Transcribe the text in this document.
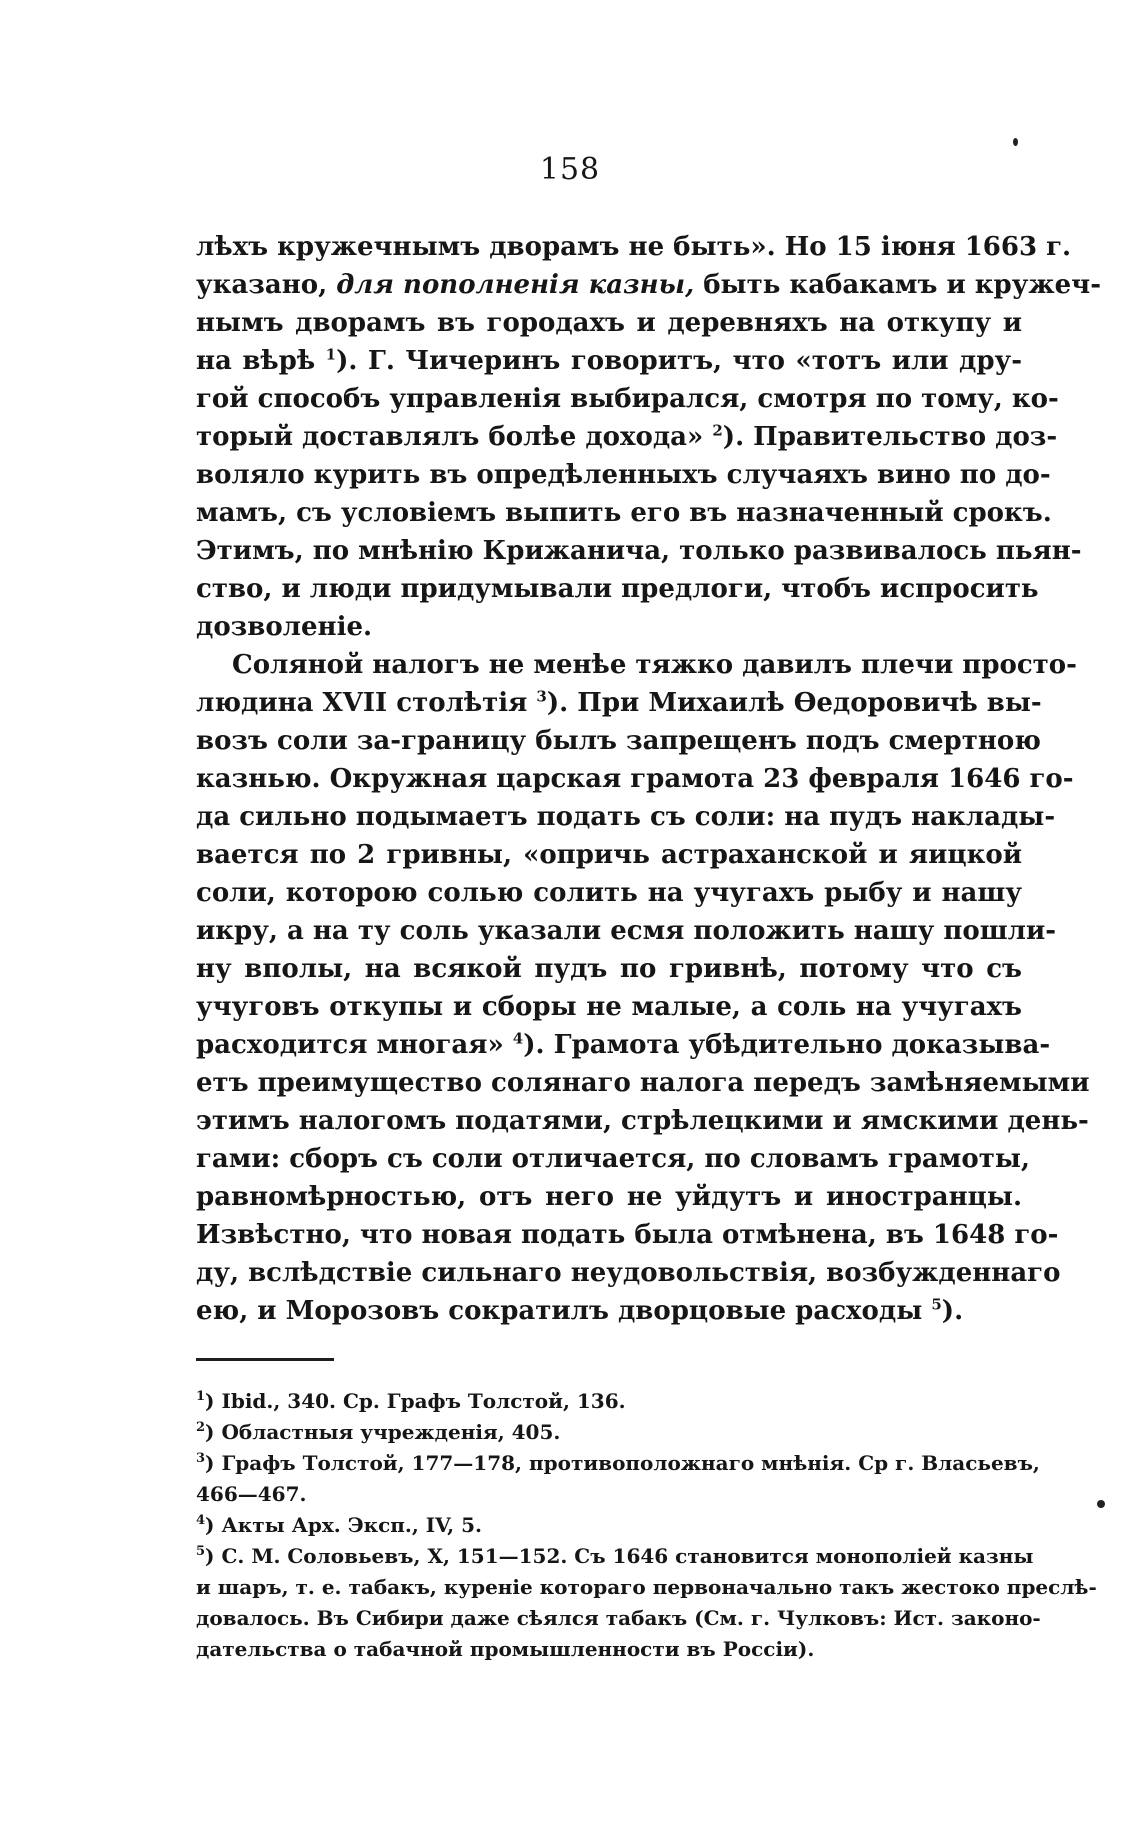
158
лѣхъ кружечнымъ дворамъ не быть». Но 15 іюня 1663 г.
указано, для пополненія казны, быть кабакамъ и кружеч-
нымъ дворамъ въ городахъ и деревняхъ на откупу и
на вѣрѣ $^1$). Г. Чичеринъ говоритъ, что «тотъ или дру-
гой способъ управленія выбирался, смотря по тому, ко-
торый доставлялъ болѣе дохода» $^2$). Правительство доз-
воляло курить въ опредѣленныхъ случаяхъ вино по до-
мамъ, съ условіемъ выпить его въ назначенный срокъ.
Этимъ, по мнѣнію Крижанича, только развивалось пьян-
ство, и люди придумывали предлоги, чтобъ испросить
дозволеніе.
Соляной налогъ не менѣе тяжко давилъ плечи просто-
людина XVII столѣтія $^3$). При Михаилѣ Өедоровичѣ вы-
возъ соли за-границу былъ запрещенъ подъ смертною
казнью. Окружная царская грамота 23 февраля 1646 го-
да сильно подымаетъ подать съ соли: на пудъ наклады-
вается по 2 гривны, «опричь астраханской и яицкой
соли, которою солью солить на учугахъ рыбу и нашу
икру, а на ту соль указали есмя положить нашу пошли-
ну вполы, на всякой пудъ по гривнѣ, потому что съ
учуговъ откупы и сборы не малые, а соль на учугахъ
расходится многая» $^4$). Грамота убѣдительно доказыва-
етъ преимущество солянаго налога передъ замѣняемыми
этимъ налогомъ податями, стрѣлецкими и ямскими день-
гами: сборъ съ соли отличается, по словамъ грамоты,
равномѣрностью, отъ него не уйдутъ и иностранцы.
Извѣстно, что новая подать была отмѣнена, въ 1648 го-
ду, вслѣдствіе сильнаго неудовольствія, возбужденнаго
ею, и Морозовъ сократилъ дворцовые расходы $^5$).
$^1$) Ibid., 340. Ср. Графъ Толстой, 136.
$^2$) Областныя учрежденія, 405.
$^3$) Графъ Толстой, 177—178, противоположнаго мнѣнія. Ср г. Власьевъ,
466—467.
$^4$) Акты Арх. Эксп., IV, 5.
$^5$) С. М. Соловьевъ, X, 151—152. Съ 1646 становится монополіей казны
и шаръ, т. е. табакъ, куреніе котораго первоначально такъ жестоко преслѣ-
довалось. Въ Сибири даже сѣялся табакъ (См. г. Чулковъ: Ист. законо-
дательства о табачной промышленности въ Россіи).
